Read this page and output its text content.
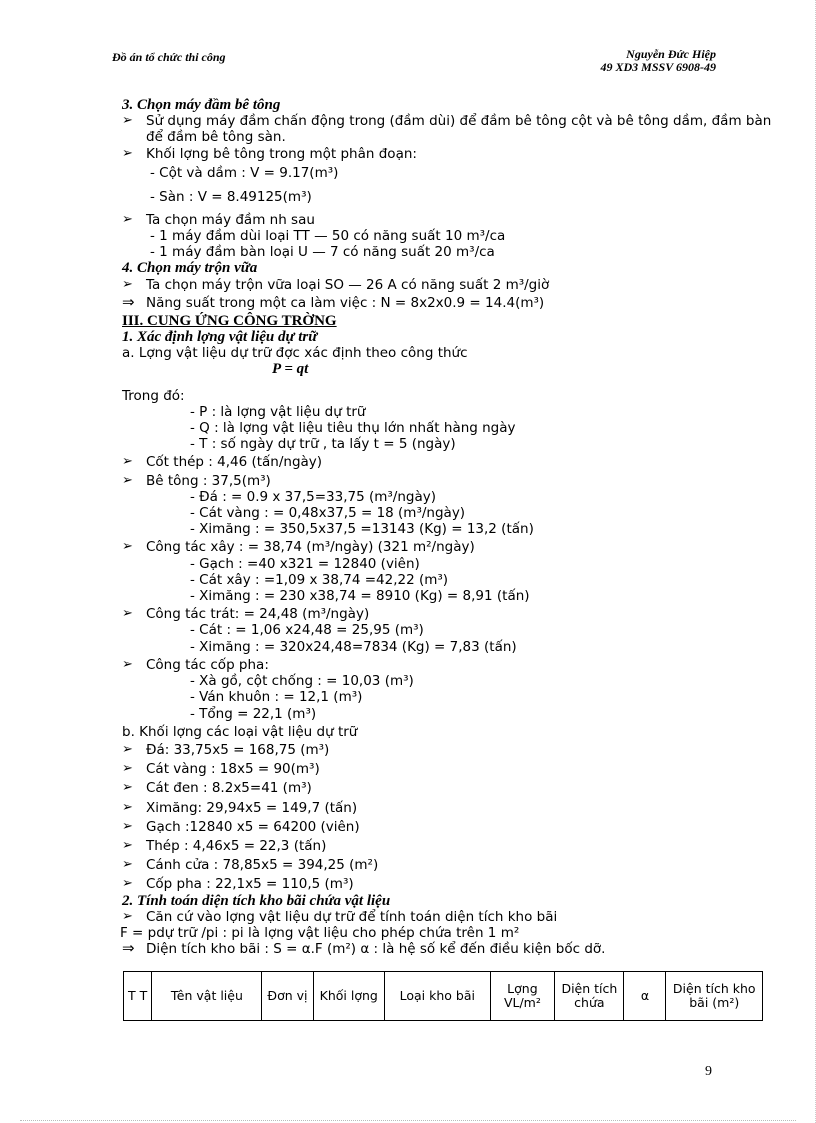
Đồ án tổ chức thi công	Nguyễn Đức Hiệp
49 XD3 MSSV 6908-49
3. Chọn máy đầm bê tông
➢ Sử dụng máy đầm chấn động trong (đầm dùi) để đầm bê tông cột và bê tông dầm, đầm bàn để đầm bê tông sàn.
➢ Khối lợng bê tông trong một phân đoạn:
- Cột và dầm : V = 9.17(m³)
- Sàn : V = 8.49125(m³)
➢ Ta chọn máy đầm nh sau
- 1 máy đầm dùi loại TT — 50 có năng suất 10 m³/ca
- 1 máy đầm bàn loại U — 7 có năng suất 20 m³/ca
4. Chọn máy trộn vữa
➢ Ta chọn máy trộn vữa loại SO — 26 A có năng suất 2 m³/giờ
⇒ Năng suất trong một ca làm việc : N = 8x2x0.9 = 14.4(m³)
III. CUNG ỨNG CÔNG TRỜNG
1. Xác định lợng vật liệu dự trữ
a. Lợng vật liệu dự trữ đợc xác định theo công thức
P = qt
Trong đó:
- P : là lợng vật liệu dự trữ
- Q : là lợng vật liệu tiêu thụ lớn nhất hàng ngày
- T : số ngày dự trữ , ta lấy t = 5 (ngày)
➢ Cốt thép : 4,46 (tấn/ngày)
➢ Bê tông : 37,5(m³)
- Đá : = 0.9 x 37,5=33,75 (m³/ngày)
- Cát vàng : = 0,48x37,5 = 18 (m³/ngày)
- Ximăng : = 350,5x37,5 =13143 (Kg) = 13,2 (tấn)
➢ Công tác xây : = 38,74 (m³/ngày) (321 m²/ngày)
- Gạch : =40 x321 = 12840 (viên)
- Cát xây : =1,09 x 38,74 =42,22 (m³)
- Ximăng : = 230 x38,74 = 8910 (Kg) = 8,91 (tấn)
➢ Công tác trát: = 24,48 (m³/ngày)
- Cát : = 1,06 x24,48 = 25,95 (m³)
- Ximăng : = 320x24,48=7834 (Kg) = 7,83 (tấn)
➢ Công tác cốp pha:
- Xà gồ, cột chống : = 10,03 (m³)
- Ván khuôn : = 12,1 (m³)
- Tổng = 22,1 (m³)
b. Khối lợng các loại vật liệu dự trữ
➢ Đá: 33,75x5 = 168,75 (m³)
➢ Cát vàng : 18x5 = 90(m³)
➢ Cát đen : 8.2x5=41 (m³)
➢ Ximăng: 29,94x5 = 149,7 (tấn)
➢ Gạch :12840 x5 = 64200 (viên)
➢ Thép : 4,46x5 = 22,3 (tấn)
➢ Cánh cửa : 78,85x5 = 394,25 (m²)
➢ Cốp pha : 22,1x5 = 110,5 (m³)
2. Tính toán diện tích kho bãi chứa vật liệu
➢ Căn cứ vào lợng vật liệu dự trữ để tính toán diện tích kho bãi
F = pdự trữ /pi : pi là lợng vật liệu cho phép chứa trên 1 m²
⇒ Diện tích kho bãi : S = α.F (m²) α : là hệ số kể đến điều kiện bốc dỡ.
T T	Tên vật liệu	Đơn vị	Khối lợng	Loại kho bãi	Lợng VL/m²	Diện tích chứa	α	Diện tích kho bãi (m²)
9
